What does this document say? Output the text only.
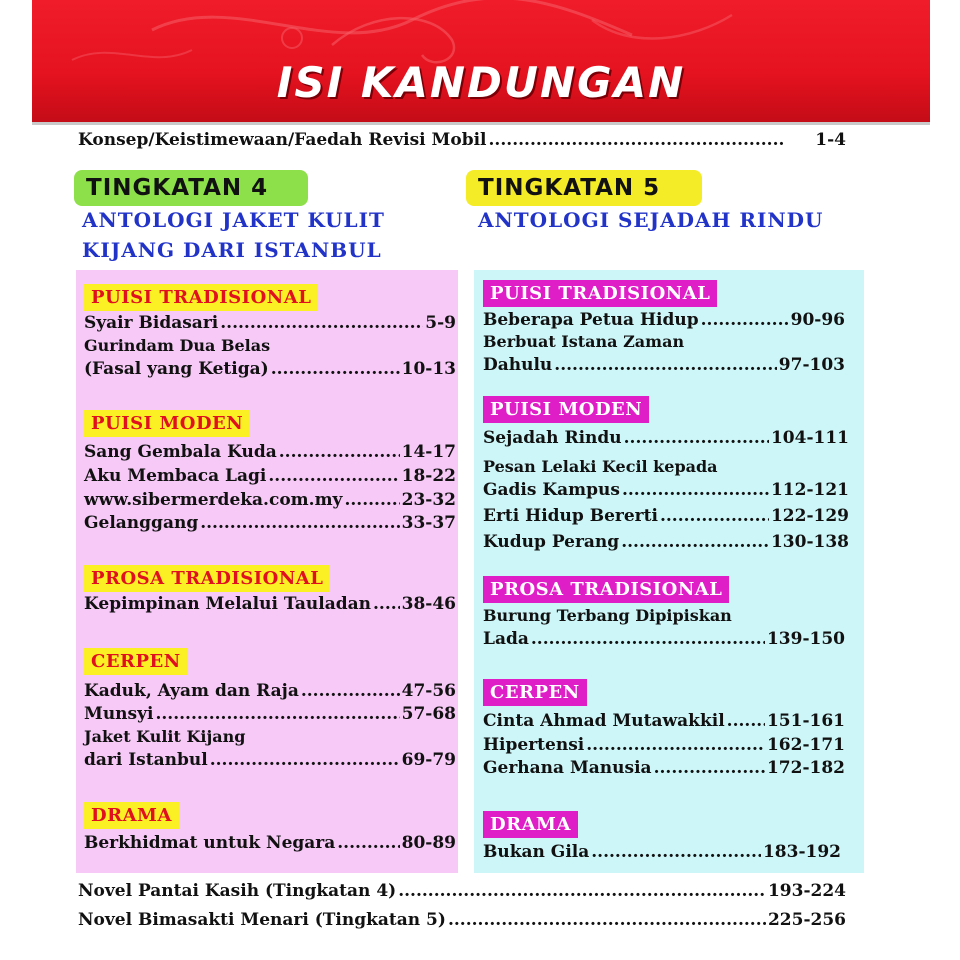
ISI KANDUNGAN
Konsep/Keistimewaan/Faedah Revisi Mobil .....	1-4
TINGKATAN 4	TINGKATAN 5
ANTOLOGI JAKET KULIT
KIJANG DARI ISTANBUL
ANTOLOGI SEJADAH RINDU
PUISI TRADISIONAL
Syair Bidasari .....	5-9
Gurindam Dua Belas
(Fasal yang Ketiga) .....	10-13
PUISI MODEN
Sang Gembala Kuda .....	14-17
Aku Membaca Lagi .....	18-22
www.sibermerdeka.com.my .....	23-32
Gelanggang .....	33-37
PROSA TRADISIONAL
Kepimpinan Melalui Tauladan ..... 38-46
CERPEN
Kaduk, Ayam dan Raja .....	47-56
Munsyi .....	57-68
Jaket Kulit Kijang
dari Istanbul .....	69-79
DRAMA
Berkhidmat untuk Negara .....	80-89
PUISI TRADISIONAL
Beberapa Petua Hidup .....	90-96
Berbuat Istana Zaman
Dahulu .....	97-103
PUISI MODEN
Sejadah Rindu .....	104-111
Pesan Lelaki Kecil kepada
Gadis Kampus .....	112-121
Erti Hidup Bererti .....	122-129
Kudup Perang .....	130-138
PROSA TRADISIONAL
Burung Terbang Dipipiskan
Lada .....	139-150
CERPEN
Cinta Ahmad Mutawakkil ..... 151-161
Hipertensi .....	162-171
Gerhana Manusia .....	172-182
DRAMA
Bukan Gila .....	183-192
Novel Pantai Kasih (Tingkatan 4) .....	193-224
Novel Bimasakti Menari (Tingkatan 5) .....	225-256
